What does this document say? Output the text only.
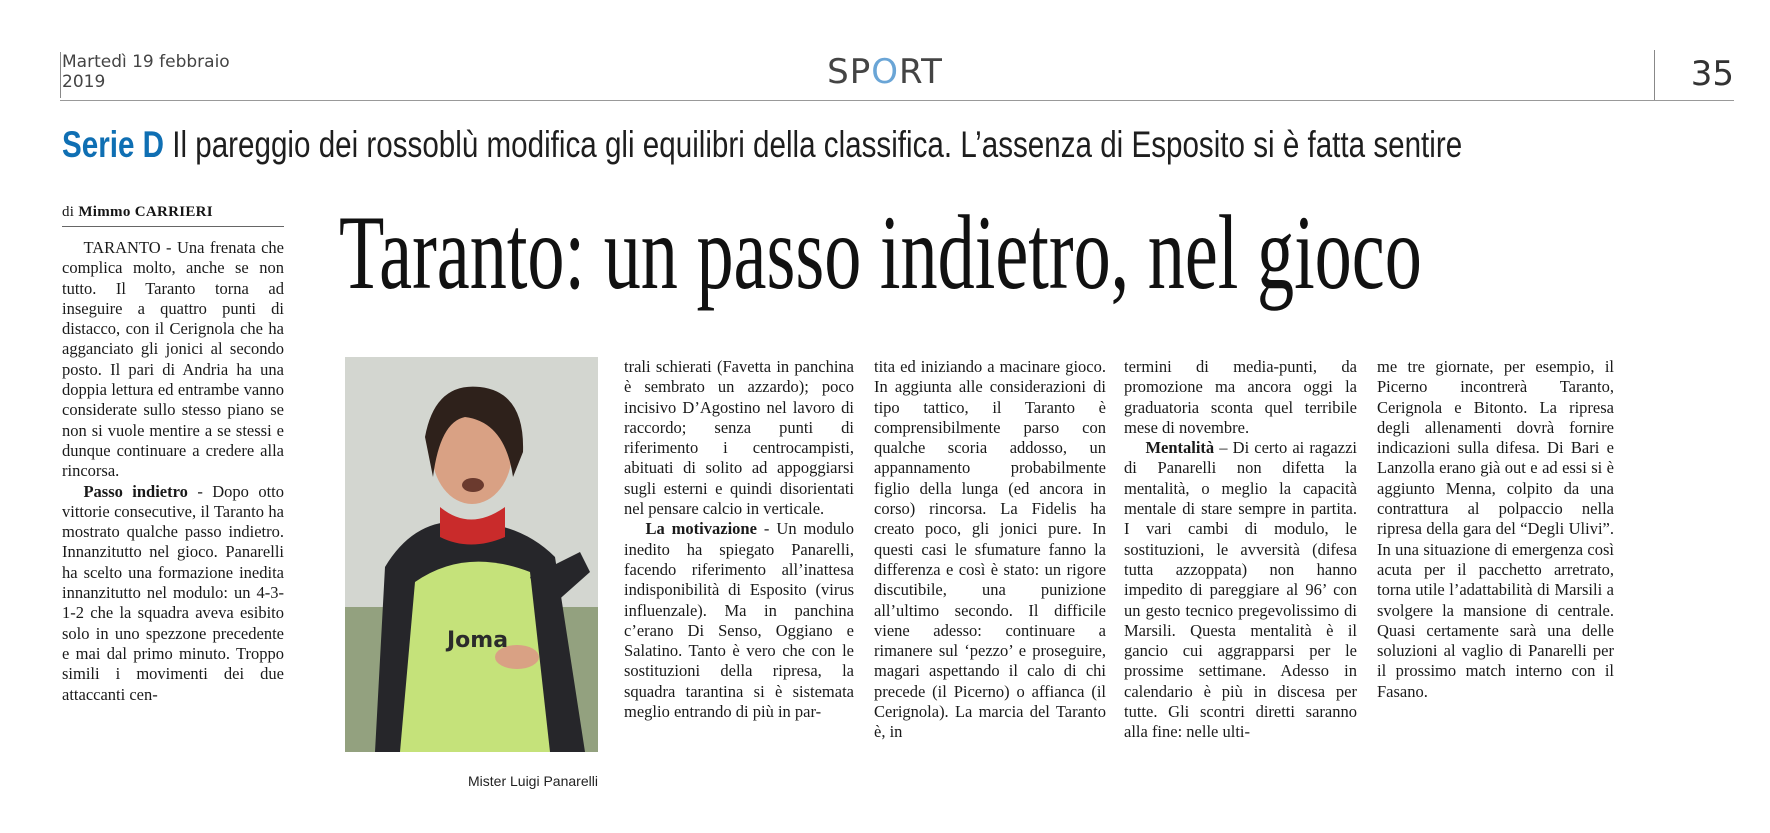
Martedì 19 febbraio
2019	SPORT	35
Serie D Il pareggio dei rossoblù modifica gli equilibri della classifica. L’assenza di Esposito si è fatta sentire
di Mimmo CARRIERI Taranto: un passo indietro, nel gioco

TARANTO - Una frenata che complica molto, anche se non tutto. Il Taranto torna ad inseguire a quattro punti di distacco, con il Cerignola che ha agganciato gli jonici al secondo posto. Il pari di Andria ha una doppia lettura ed entrambe vanno considerate sullo stesso piano se non si vuole mentire a se stessi e dunque continuare a credere alla rincorsa.

Passo indietro - Dopo otto vittorie consecutive, il Taranto ha mostrato qualche passo indietro. Innanzitutto nel gioco. Panarelli ha scelto una formazione inedita innanzitutto nel modulo: un 4-3-1-2 che la squadra aveva esibito solo in uno spezzone precedente e mai dal primo minuto. Troppo simili i movimenti dei due attaccanti cen-

Joma
Mister Luigi Panarelli

trali schierati (Favetta in panchina è sembrato un azzardo); poco incisivo D’Agostino nel lavoro di raccordo; senza punti di riferimento i centrocampisti, abituati di solito ad appoggiarsi sugli esterni e quindi disorientati nel pensare calcio in verticale.

La motivazione - Un modulo inedito ha spiegato Panarelli, facendo riferimento all’inattesa indisponibilità di Esposito (virus influenzale). Ma in panchina c’erano Di Senso, Oggiano e Salatino. Tanto è vero che con le sostituzioni della ripresa, la squadra tarantina si è sistemata meglio entrando di più in par-

tita ed iniziando a macinare gioco. In aggiunta alle considerazioni di tipo tattico, il Taranto è comprensibilmente parso con qualche scoria addosso, un appannamento probabilmente figlio della lunga (ed ancora in corso) rincorsa. La Fidelis ha creato poco, gli jonici pure. In questi casi le sfumature fanno la differenza e così è stato: un rigore discutibile, una punizione all’ultimo secondo. Il difficile viene adesso: continuare a rimanere sul ‘pezzo’ e proseguire, magari aspettando il calo di chi precede (il Picerno) o affianca (il Cerignola). La marcia del Taranto è, in

termini di media-punti, da promozione ma ancora oggi la graduatoria sconta quel terribile mese di novembre.

Mentalità – Di certo ai ragazzi di Panarelli non difetta la mentalità, o meglio la capacità mentale di stare sempre in partita. I vari cambi di modulo, le sostituzioni, le avversità (difesa tutta azzoppata) non hanno impedito di pareggiare al 96’ con un gesto tecnico pregevolissimo di Marsili. Questa mentalità è il gancio cui aggrapparsi per le prossime settimane. Adesso in calendario è più in discesa per tutte. Gli scontri diretti saranno alla fine: nelle ulti-

me tre giornate, per esempio, il Picerno incontrerà Taranto, Cerignola e Bitonto. La ripresa degli allenamenti dovrà fornire indicazioni sulla difesa. Di Bari e Lanzolla erano già out e ad essi si è aggiunto Menna, colpito da una contrattura al polpaccio nella ripresa della gara del “Degli Ulivi”. In una situazione di emergenza così acuta per il pacchetto arretrato, torna utile l’adattabilità di Marsili a svolgere la mansione di centrale. Quasi certamente sarà una delle soluzioni al vaglio di Panarelli per il prossimo match interno con il Fasano.
